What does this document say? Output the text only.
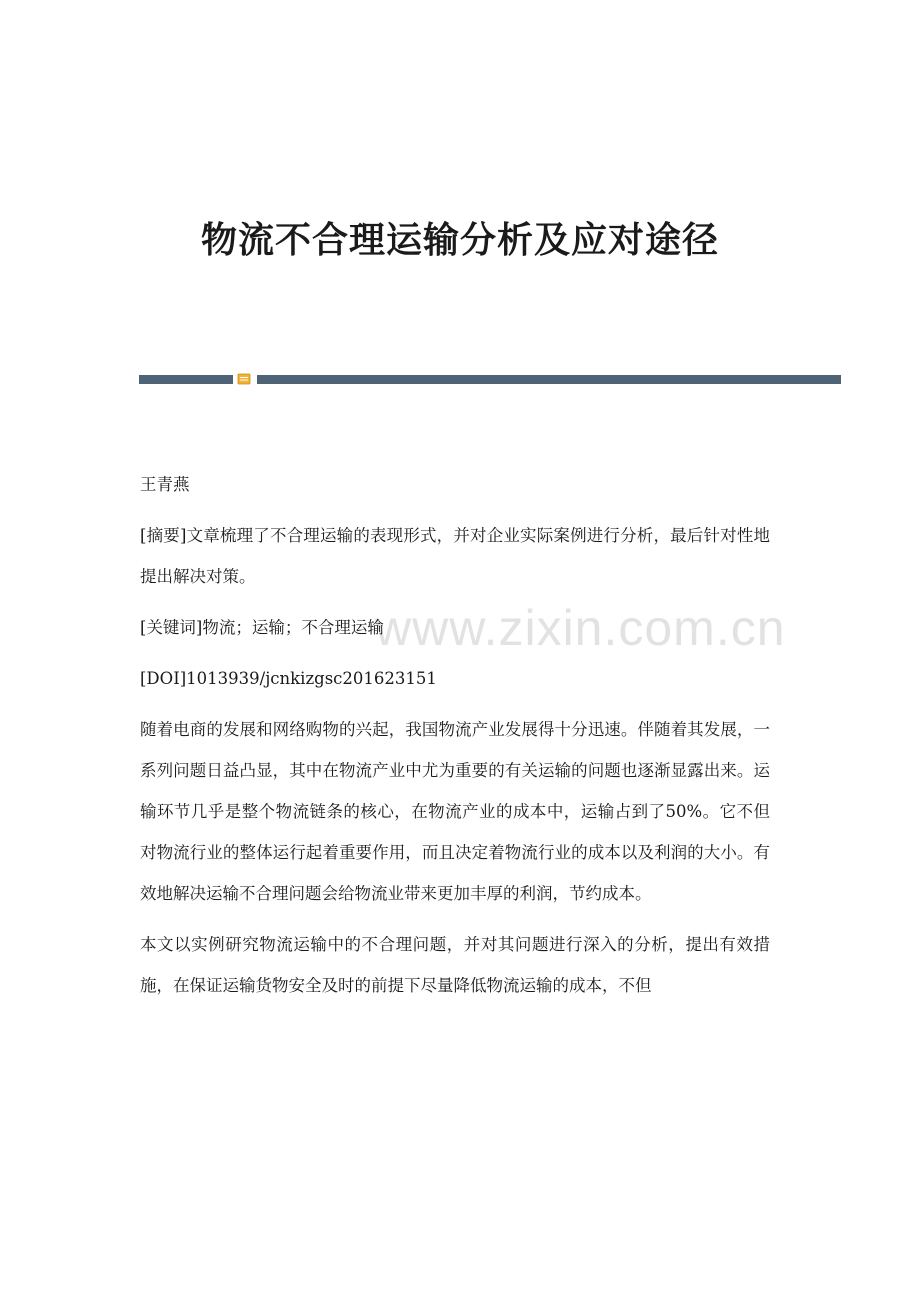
物流不合理运输分析及应对途径
www.zixin.com.cn

王青燕

[摘要]文章梳理了不合理运输的表现形式，并对企业实际案例进行分析，最后针对性地提出解决对策。

[关键词]物流；运输；不合理运输

[DOI]1013939/jcnkizgsc201623151

随着电商的发展和网络购物的兴起，我国物流产业发展得十分迅速。伴随着其发展，一系列问题日益凸显，其中在物流产业中尤为重要的有关运输的问题也逐渐显露出来。运输环节几乎是整个物流链条的核心，在物流产业的成本中，运输占到了50%。它不但对物流行业的整体运行起着重要作用，而且决定着物流行业的成本以及利润的大小。有效地解决运输不合理问题会给物流业带来更加丰厚的利润，节约成本。

本文以实例研究物流运输中的不合理问题，并对其问题进行深入的分析，提出有效措施，在保证运输货物安全及时的前提下尽量降低物流运输的成本，不但
